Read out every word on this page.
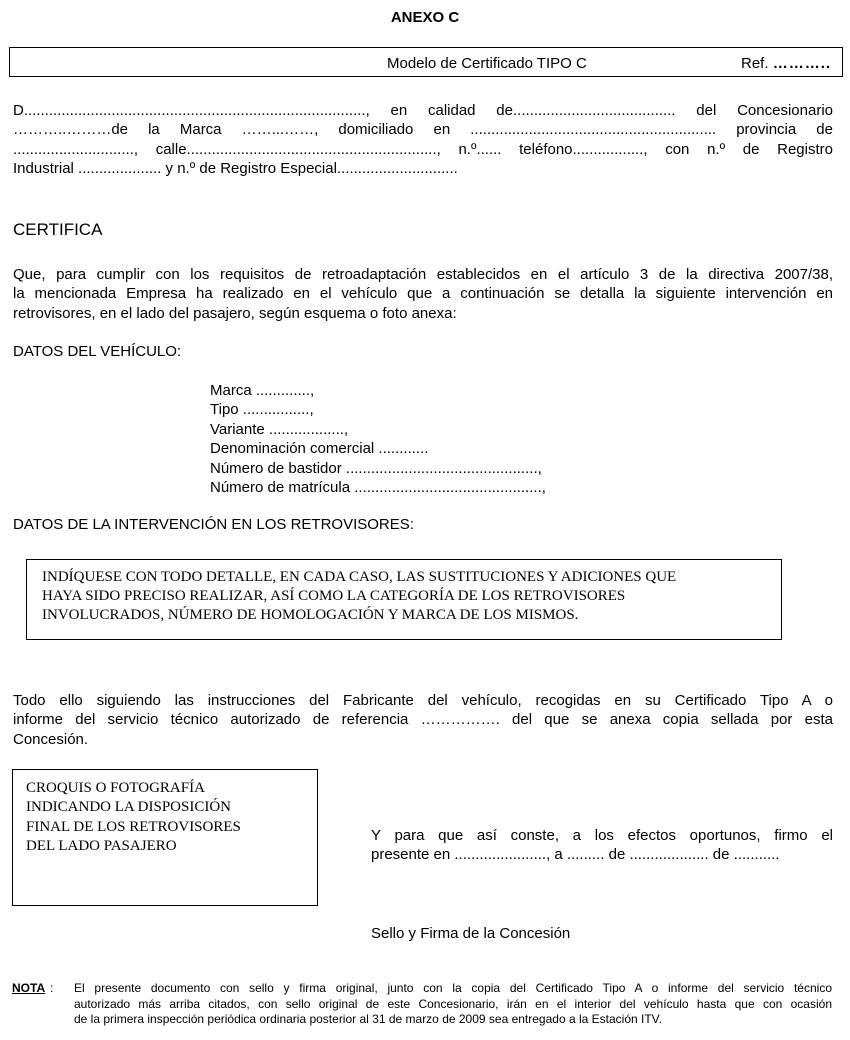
ANEXO C
Modelo de Certificado TIPO C	Ref. ………..
D.................................................................................., en calidad de....................................... del Concesionario
………..………de la Marca ……...……, domiciliado en ........................................................... provincia de
............................., calle............................................................, n.º...... teléfono................., con n.º de Registro
Industrial .................... y n.º de Registro Especial.............................
CERTIFICA
Que, para cumplir con los requisitos de retroadaptación establecidos en el artículo 3 de la directiva 2007/38,
la mencionada Empresa ha realizado en el vehículo que a continuación se detalla la siguiente intervención en
retrovisores, en el lado del pasajero, según esquema o foto anexa:
DATOS DEL VEHÍCULO:
Marca .............,
Tipo ................,
Variante ..................,
Denominación comercial ............
Número de bastidor ..............................................,
Número de matrícula .............................................,
DATOS DE LA INTERVENCIÓN EN LOS RETROVISORES:
INDÍQUESE CON TODO DETALLE, EN CADA CASO, LAS SUSTITUCIONES Y ADICIONES QUE
HAYA SIDO PRECISO REALIZAR, ASÍ COMO LA CATEGORÍA DE LOS RETROVISORES
INVOLUCRADOS, NÚMERO DE HOMOLOGACIÓN Y MARCA DE LOS MISMOS.
Todo ello siguiendo las instrucciones del Fabricante del vehículo, recogidas en su Certificado Tipo A o
informe del servicio técnico autorizado de referencia ……………. del que se anexa copia sellada por esta
Concesión.
CROQUIS O FOTOGRAFÍA
INDICANDO LA DISPOSICIÓN
FINAL DE LOS RETROVISORES
DEL LADO PASAJERO
Y para que así conste, a los efectos oportunos, firmo el
presente en ......................, a ......... de ................... de ...........
Sello y Firma de la Concesión
NOTA : El presente documento con sello y firma original, junto con la copia del Certificado Tipo A o informe del servicio técnico
autorizado más arriba citados, con sello original de este Concesionario, irán en el interior del vehículo hasta que con ocasión
de la primera inspección periódica ordinaria posterior al 31 de marzo de 2009 sea entregado a la Estación ITV.
